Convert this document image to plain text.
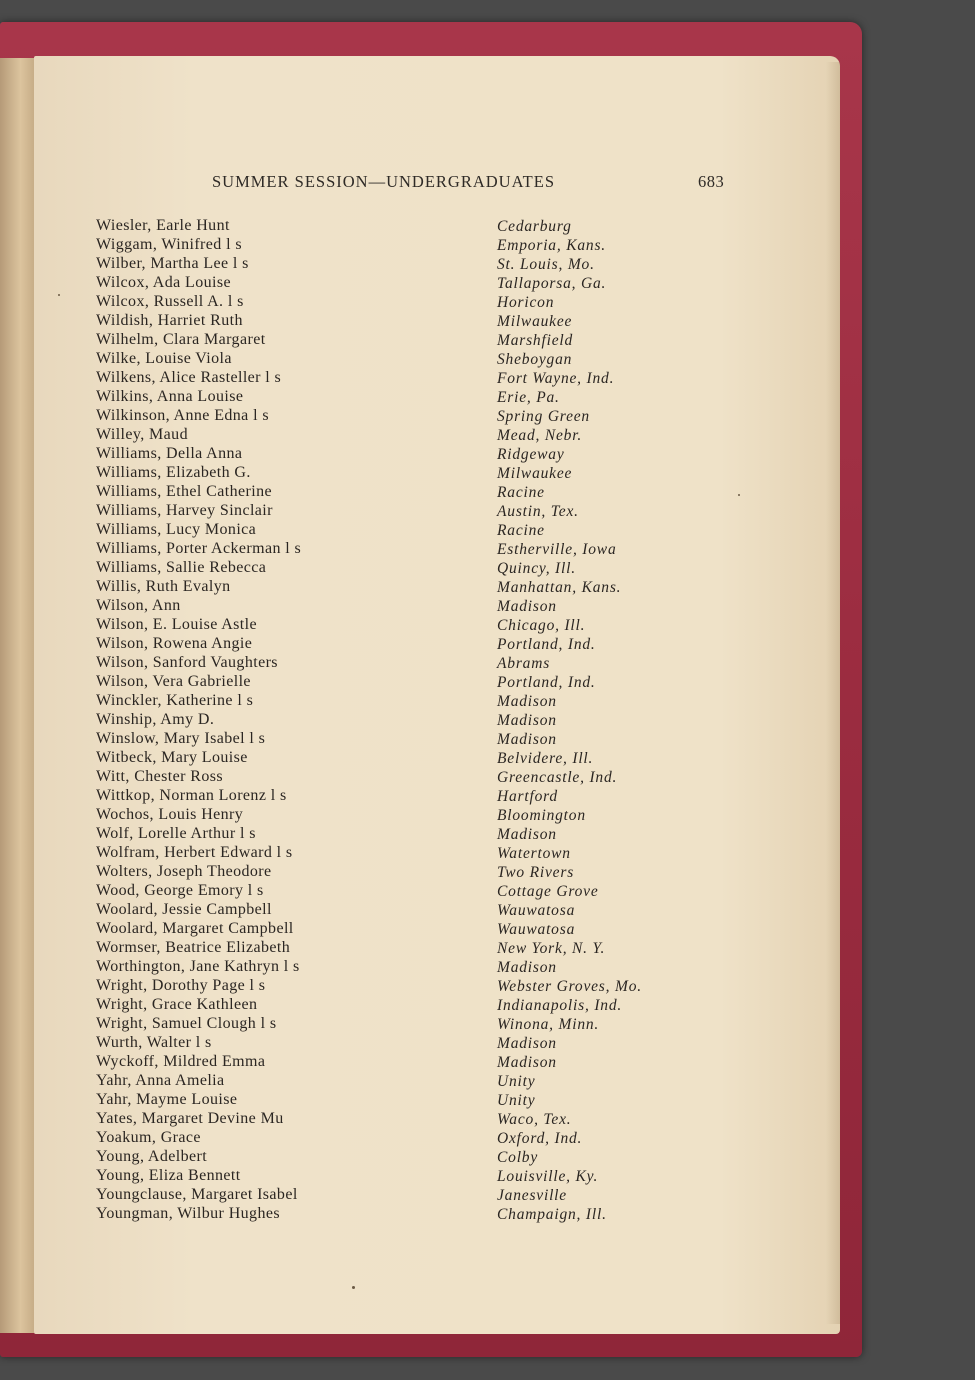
SUMMER SESSION—UNDERGRADUATES	683
Wiesler, Earle Hunt	Cedarburg
Wiggam, Winifred l s	Emporia, Kans.
Wilber, Martha Lee l s	St. Louis, Mo.
Wilcox, Ada Louise	Tallaporsa, Ga.
Wilcox, Russell A. l s	Horicon
Wildish, Harriet Ruth	Milwaukee
Wilhelm, Clara Margaret	Marshfield
Wilke, Louise Viola	Sheboygan
Wilkens, Alice Rasteller l s	Fort Wayne, Ind.
Wilkins, Anna Louise	Erie, Pa.
Wilkinson, Anne Edna l s	Spring Green
Willey, Maud	Mead, Nebr.
Williams, Della Anna	Ridgeway
Williams, Elizabeth G.	Milwaukee
Williams, Ethel Catherine	Racine
Williams, Harvey Sinclair	Austin, Tex.
Williams, Lucy Monica	Racine
Williams, Porter Ackerman l s	Estherville, Iowa
Williams, Sallie Rebecca	Quincy, Ill.
Willis, Ruth Evalyn	Manhattan, Kans.
Wilson, Ann	Madison
Wilson, E. Louise Astle	Chicago, Ill.
Wilson, Rowena Angie	Portland, Ind.
Wilson, Sanford Vaughters	Abrams
Wilson, Vera Gabrielle	Portland, Ind.
Winckler, Katherine l s	Madison
Winship, Amy D.	Madison
Winslow, Mary Isabel l s	Madison
Witbeck, Mary Louise	Belvidere, Ill.
Witt, Chester Ross	Greencastle, Ind.
Wittkop, Norman Lorenz l s	Hartford
Wochos, Louis Henry	Bloomington
Wolf, Lorelle Arthur l s	Madison
Wolfram, Herbert Edward l s	Watertown
Wolters, Joseph Theodore	Two Rivers
Wood, George Emory l s	Cottage Grove
Woolard, Jessie Campbell	Wauwatosa
Woolard, Margaret Campbell	Wauwatosa
Wormser, Beatrice Elizabeth	New York, N. Y.
Worthington, Jane Kathryn l s	Madison
Wright, Dorothy Page l s	Webster Groves, Mo.
Wright, Grace Kathleen	Indianapolis, Ind.
Wright, Samuel Clough l s	Winona, Minn.
Wurth, Walter l s	Madison
Wyckoff, Mildred Emma	Madison
Yahr, Anna Amelia	Unity
Yahr, Mayme Louise	Unity
Yates, Margaret Devine Mu	Waco, Tex.
Yoakum, Grace	Oxford, Ind.
Young, Adelbert	Colby
Young, Eliza Bennett	Louisville, Ky.
Youngclause, Margaret Isabel	Janesville
Youngman, Wilbur Hughes	Champaign, Ill.
